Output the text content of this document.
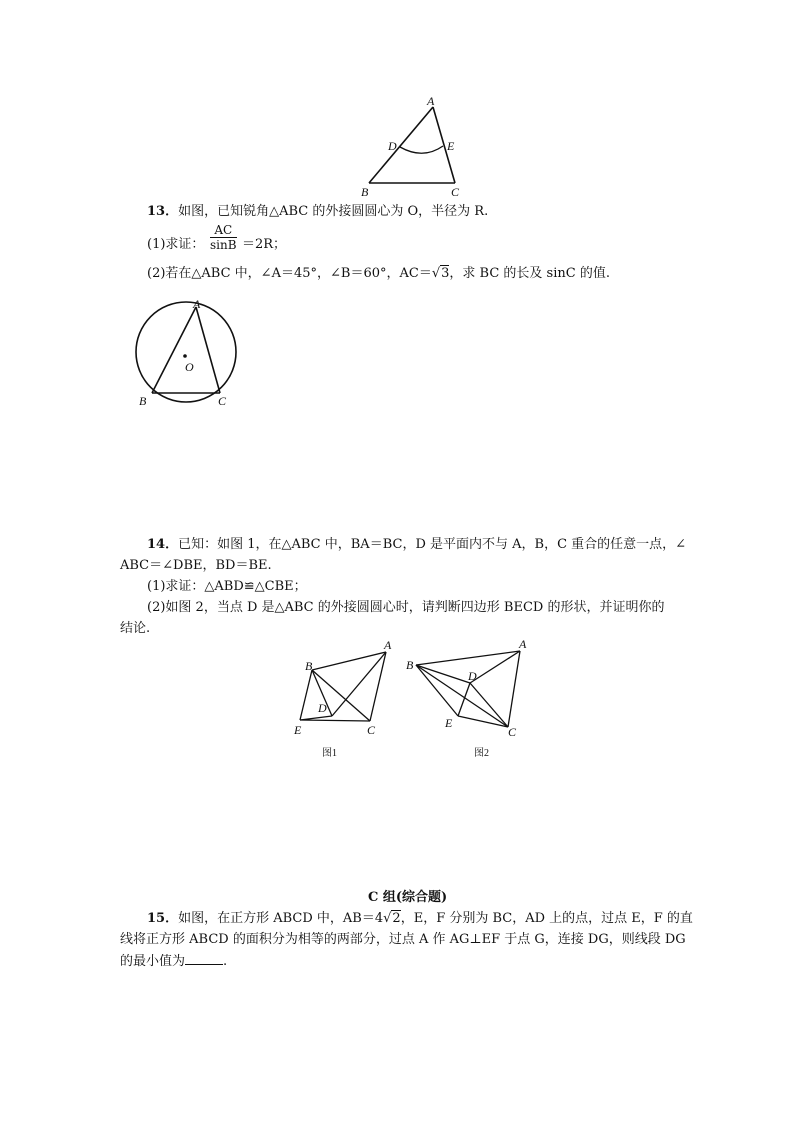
A
D	E
B	C
13．如图，已知锐角△ABC 的外接圆圆心为 O，半径为 R.
(1)求证： $\frac{AC}{\sin B} =2R$；
(2)若在△ABC 中，∠A＝45°，∠B＝60°，AC＝√3，求 BC 的长及 sinC 的值.
A
O
B	C
14．已知：如图 1，在△ABC 中，BA＝BC，D 是平面内不与 A，B，C 重合的任意一点，∠
ABC＝∠DBE，BD＝BE.
(1)求证：△ABD≌△CBE；
(2)如图 2，当点 D 是△ABC 的外接圆圆心时，请判断四边形 BECD 的形状，并证明你的
结论.
A
B
D
E	C
图1
A
B
D
E
C
图2
C 组(综合题)
15．如图，在正方形 ABCD 中，AB＝4√2，E，F 分别为 BC，AD 上的点，过点 E，F 的直
线将正方形 ABCD 的面积分为相等的两部分，过点 A 作 AG⊥EF 于点 G，连接 DG，则线段 DG
的最小值为	.
